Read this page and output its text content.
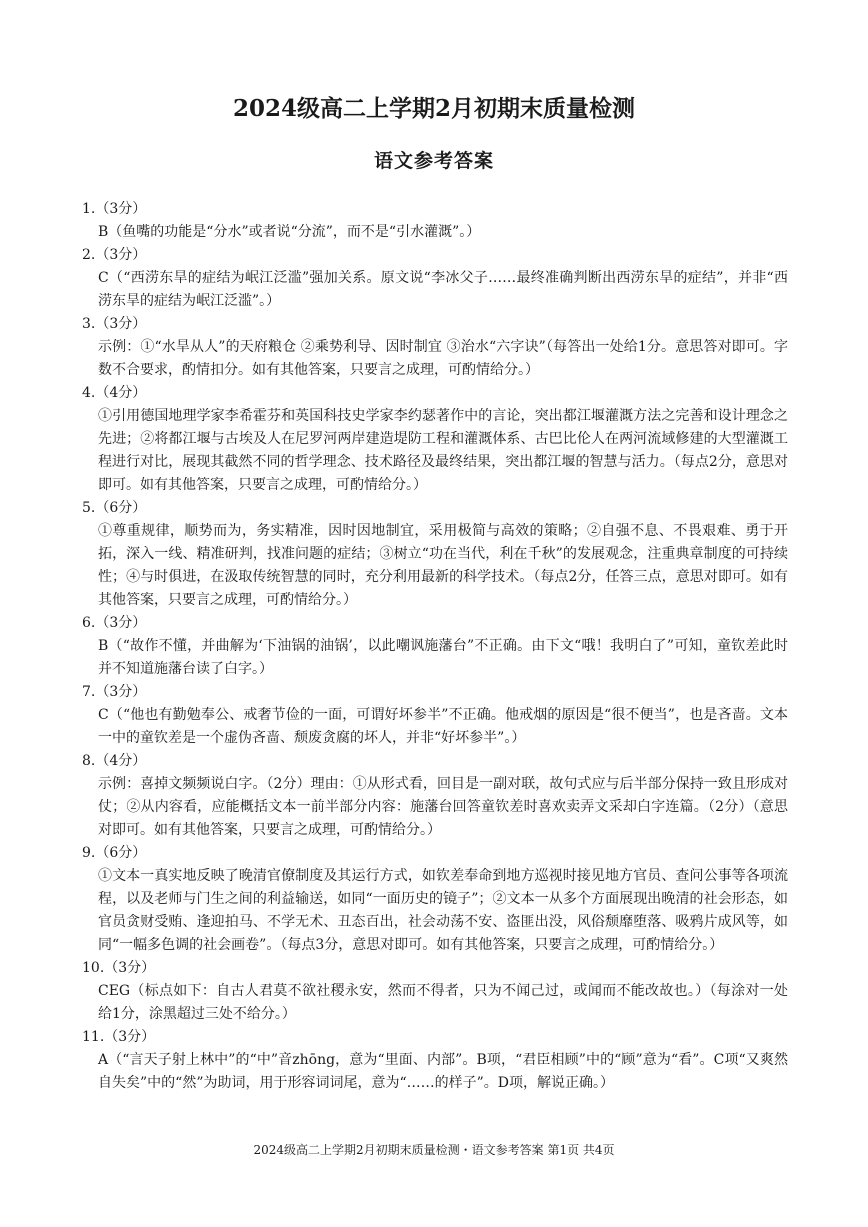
2024级高二上学期2月初期末质量检测
语文参考答案
1.（3分）
B（鱼嘴的功能是“分水”或者说“分流”，而不是“引水灌溉”。）
2.（3分）
C（“西涝东旱的症结为岷江泛滥”强加关系。原文说“李冰父子……最终准确判断出西涝东旱的症结”，并非“西涝东旱的症结为岷江泛滥”。）
3.（3分）
示例：①“水旱从人”的天府粮仓 ②乘势利导、因时制宜 ③治水“六字诀”（每答出一处给1分。意思答对即可。字数不合要求，酌情扣分。如有其他答案，只要言之成理，可酌情给分。）
4.（4分）
①引用德国地理学家李希霍芬和英国科技史学家李约瑟著作中的言论，突出都江堰灌溉方法之完善和设计理念之先进；②将都江堰与古埃及人在尼罗河两岸建造堤防工程和灌溉体系、古巴比伦人在两河流域修建的大型灌溉工程进行对比，展现其截然不同的哲学理念、技术路径及最终结果，突出都江堰的智慧与活力。（每点2分，意思对即可。如有其他答案，只要言之成理，可酌情给分。）
5.（6分）
①尊重规律，顺势而为，务实精准，因时因地制宜，采用极简与高效的策略；②自强不息、不畏艰难、勇于开拓，深入一线、精准研判，找准问题的症结；③树立“功在当代，利在千秋”的发展观念，注重典章制度的可持续性；④与时俱进，在汲取传统智慧的同时，充分利用最新的科学技术。（每点2分，任答三点，意思对即可。如有其他答案，只要言之成理，可酌情给分。）
6.（3分）
B（“故作不懂，并曲解为‘下油锅的油锅’，以此嘲讽施藩台”不正确。由下文“哦！我明白了”可知，童钦差此时并不知道施藩台读了白字。）
7.（3分）
C（“他也有勤勉奉公、戒奢节俭的一面，可谓好坏参半”不正确。他戒烟的原因是“很不便当”，也是吝啬。文本一中的童钦差是一个虚伪吝啬、颓废贪腐的坏人，并非“好坏参半”。）
8.（4分）
示例：喜掉文频频说白字。（2分）理由：①从形式看，回目是一副对联，故句式应与后半部分保持一致且形成对仗；②从内容看，应能概括文本一前半部分内容：施藩台回答童钦差时喜欢卖弄文采却白字连篇。（2分）（意思对即可。如有其他答案，只要言之成理，可酌情给分。）
9.（6分）
①文本一真实地反映了晚清官僚制度及其运行方式，如钦差奉命到地方巡视时接见地方官员、查问公事等各项流程，以及老师与门生之间的利益输送，如同“一面历史的镜子”；②文本一从多个方面展现出晚清的社会形态，如官员贪财受贿、逢迎拍马、不学无术、丑态百出，社会动荡不安、盗匪出没，风俗颓靡堕落、吸鸦片成风等，如同“一幅多色调的社会画卷”。（每点3分，意思对即可。如有其他答案，只要言之成理，可酌情给分。）
10.（3分）
CEG（标点如下：自古人君莫不欲社稷永安，然而不得者，只为不闻己过，或闻而不能改故也。）（每涂对一处给1分，涂黑超过三处不给分。）
11.（3分）
A（“言天子射上林中”的“中”音zhōng，意为“里面、内部”。B项，“君臣相顾”中的“顾”意为“看”。C项“又爽然自失矣”中的“然”为助词，用于形容词词尾，意为“……的样子”。D项，解说正确。）
2024级高二上学期2月初期末质量检测・语文参考答案 第1页 共4页
